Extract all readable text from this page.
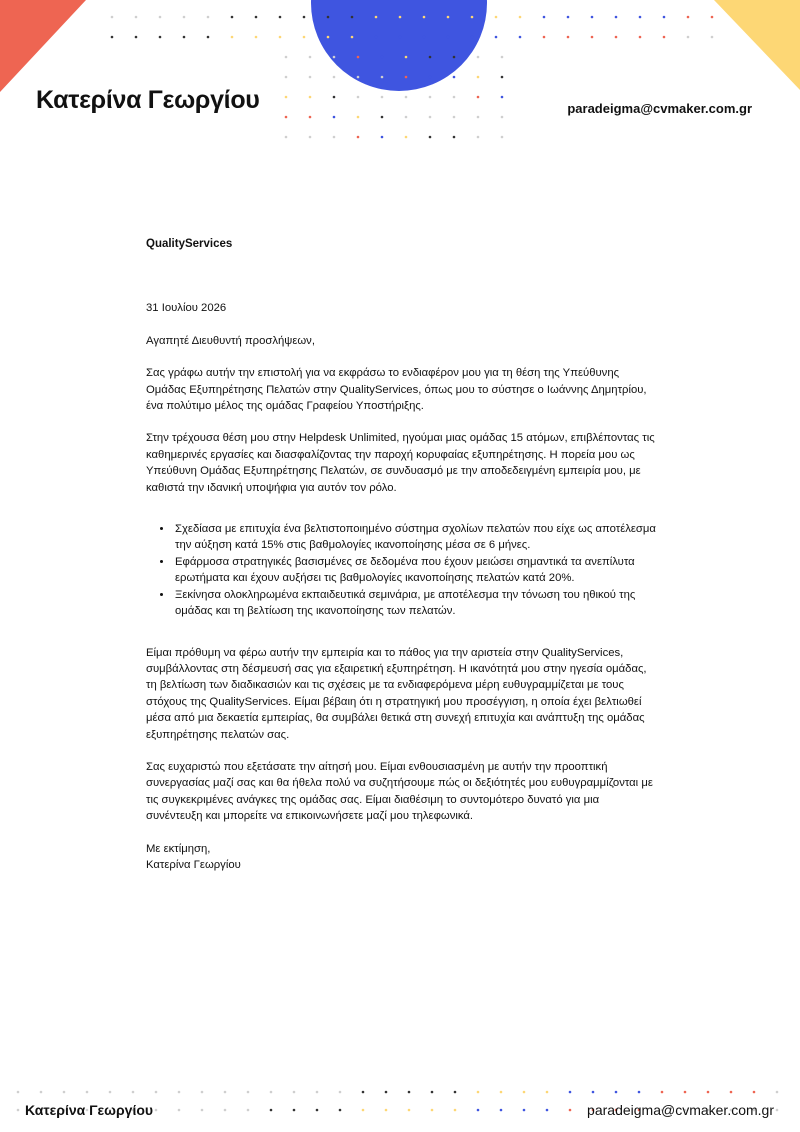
Κατερίνα Γεωργίου	paradeigma@cvmaker.com.gr

QualityServices

31 Ιουλίου 2026

Αγαπητέ Διευθυντή προσλήψεων,

Σας γράφω αυτήν την επιστολή για να εκφράσω το ενδιαφέρον μου για τη θέση της Υπεύθυνης Ομάδας Εξυπηρέτησης Πελατών στην QualityServices, όπως μου το σύστησε ο Ιωάννης Δημητρίου, ένα πολύτιμο μέλος της ομάδας Γραφείου Υποστήριξης.

Στην τρέχουσα θέση μου στην Helpdesk Unlimited, ηγούμαι μιας ομάδας 15 ατόμων, επιβλέποντας τις καθημερινές εργασίες και διασφαλίζοντας την παροχή κορυφαίας εξυπηρέτησης. Η πορεία μου ως Υπεύθυνη Ομάδας Εξυπηρέτησης Πελατών, σε συνδυασμό με την αποδεδειγμένη εμπειρία μου, με καθιστά την ιδανική υποψήφια για αυτόν τον ρόλο.

• Σχεδίασα με επιτυχία ένα βελτιστοποιημένο σύστημα σχολίων πελατών που είχε ως αποτέλεσμα την αύξηση κατά 15% στις βαθμολογίες ικανοποίησης μέσα σε 6 μήνες.
• Εφάρμοσα στρατηγικές βασισμένες σε δεδομένα που έχουν μειώσει σημαντικά τα ανεπίλυτα ερωτήματα και έχουν αυξήσει τις βαθμολογίες ικανοποίησης πελατών κατά 20%.
• Ξεκίνησα ολοκληρωμένα εκπαιδευτικά σεμινάρια, με αποτέλεσμα την τόνωση του ηθικού της ομάδας και τη βελτίωση της ικανοποίησης των πελατών.

Είμαι πρόθυμη να φέρω αυτήν την εμπειρία και το πάθος για την αριστεία στην QualityServices, συμβάλλοντας στη δέσμευσή σας για εξαιρετική εξυπηρέτηση. Η ικανότητά μου στην ηγεσία ομάδας, τη βελτίωση των διαδικασιών και τις σχέσεις με τα ενδιαφερόμενα μέρη ευθυγραμμίζεται με τους στόχους της QualityServices. Είμαι βέβαιη ότι η στρατηγική μου προσέγγιση, η οποία έχει βελτιωθεί μέσα από μια δεκαετία εμπειρίας, θα συμβάλει θετικά στη συνεχή επιτυχία και ανάπτυξη της ομάδας εξυπηρέτησης πελατών σας.

Σας ευχαριστώ που εξετάσατε την αίτησή μου. Είμαι ενθουσιασμένη με αυτήν την προοπτική συνεργασίας μαζί σας και θα ήθελα πολύ να συζητήσουμε πώς οι δεξιότητές μου ευθυγραμμίζονται με τις συγκεκριμένες ανάγκες της ομάδας σας. Είμαι διαθέσιμη το συντομότερο δυνατό για μια συνέντευξη και μπορείτε να επικοινωνήσετε μαζί μου τηλεφωνικά.

Με εκτίμηση,
Κατερίνα Γεωργίου

Κατερίνα Γεωργίου	paradeigma@cvmaker.com.gr
